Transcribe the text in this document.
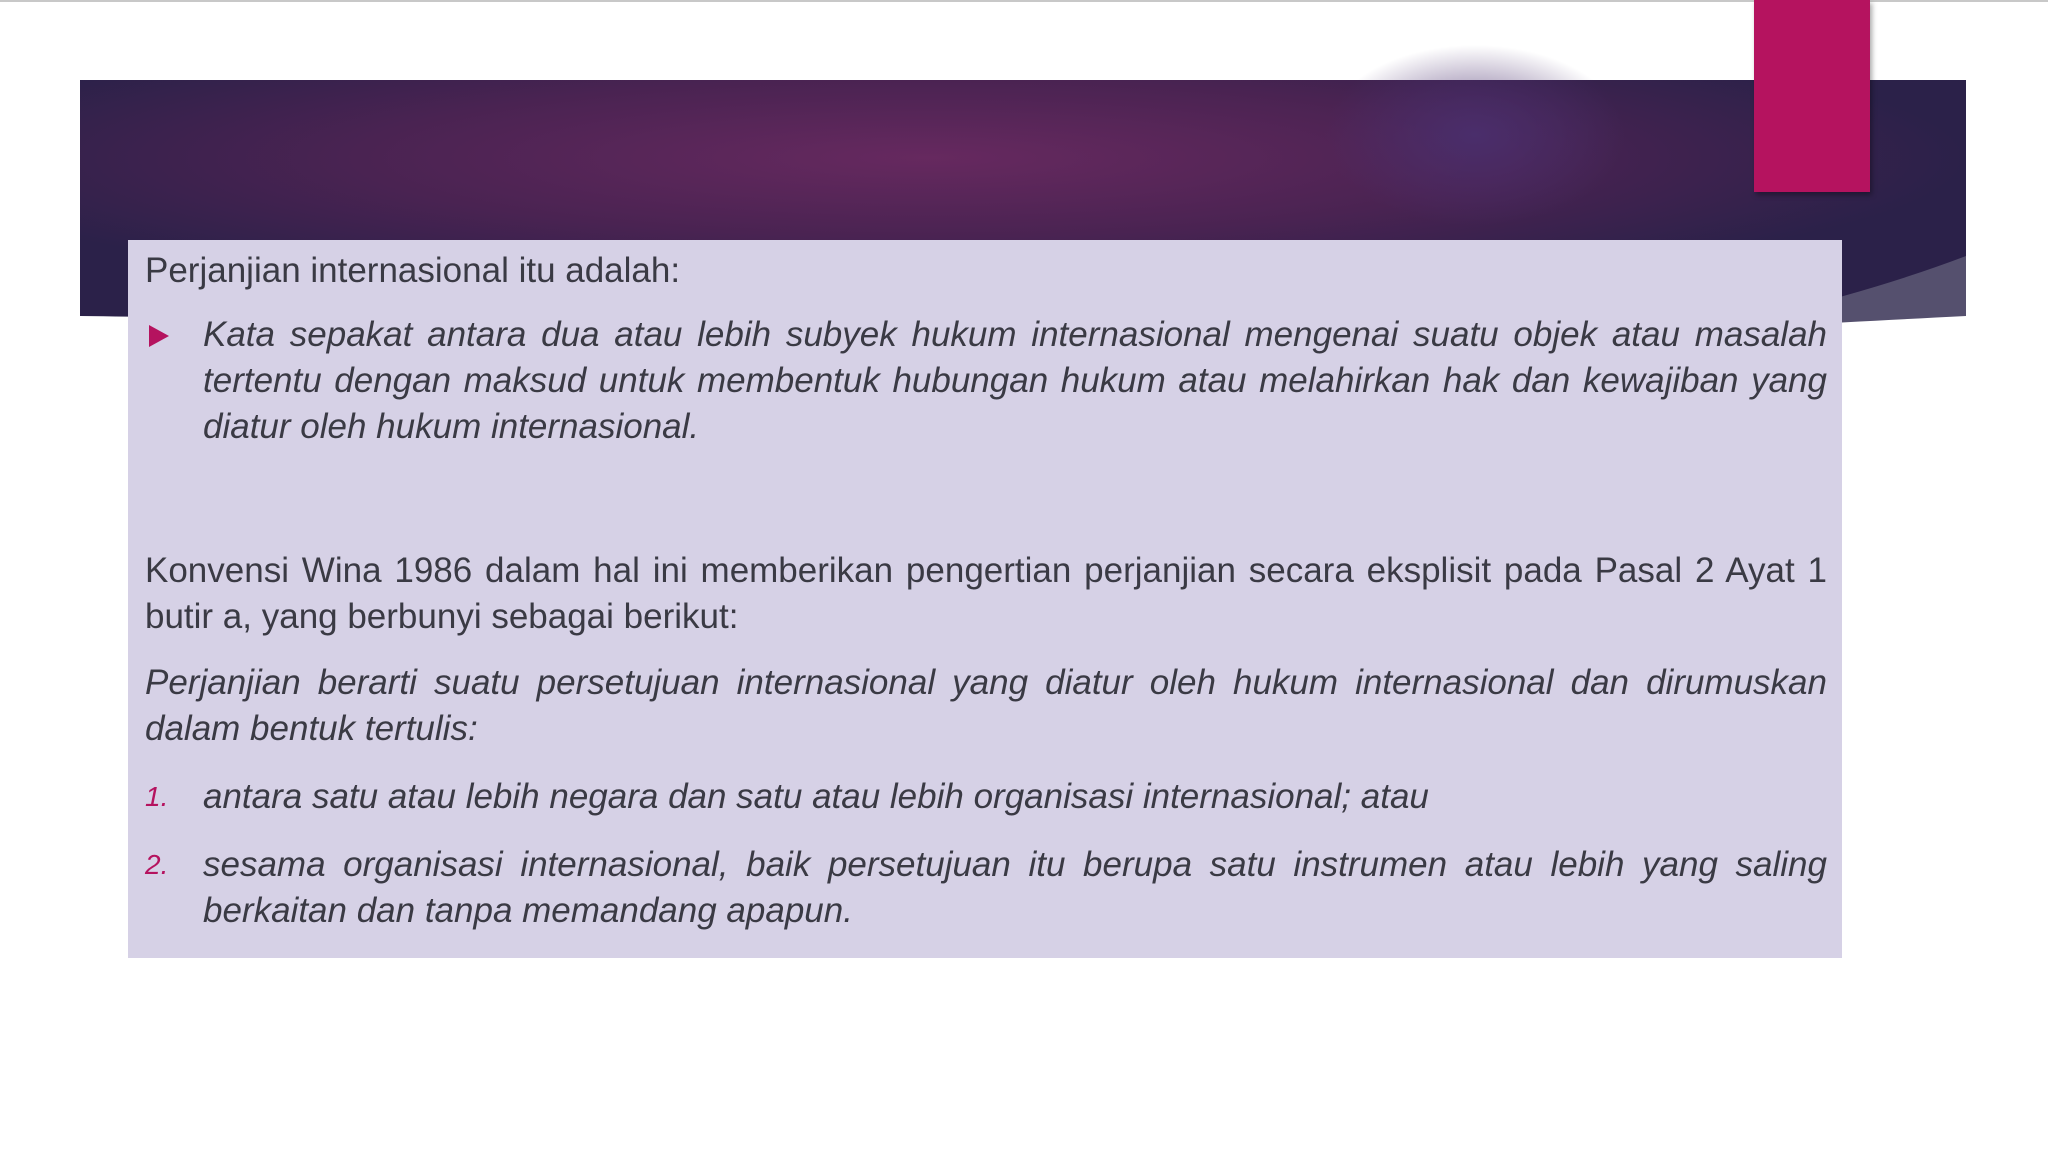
Perjanjian internasional itu adalah:

Kata sepakat antara dua atau lebih subyek hukum internasional mengenai suatu objek atau masalah tertentu dengan maksud untuk membentuk hubungan hukum atau melahirkan hak dan kewajiban yang diatur oleh hukum internasional.

Konvensi Wina 1986 dalam hal ini memberikan pengertian perjanjian secara eksplisit pada Pasal 2 Ayat 1 butir a, yang berbunyi sebagai berikut:

Perjanjian berarti suatu persetujuan internasional yang diatur oleh hukum internasional dan dirumuskan dalam bentuk tertulis:

1. antara satu atau lebih negara dan satu atau lebih organisasi internasional; atau
2. sesama organisasi internasional, baik persetujuan itu berupa satu instrumen atau lebih yang saling berkaitan dan tanpa memandang apapun.
